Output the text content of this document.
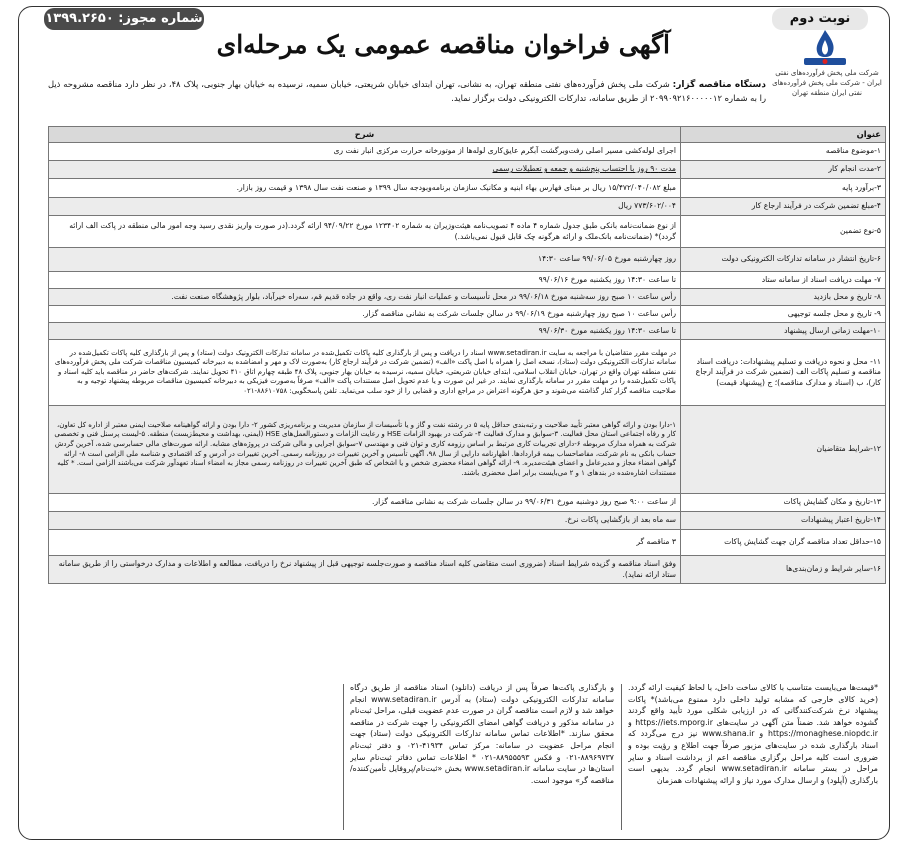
شماره مجوز: ۱۳۹۹.۲۶۵۰	نوبت دوم
آگهی فراخوان مناقصه عمومی یک مرحله‌ای
شرکت ملی پخش فرآورده‌های نفتی ایران - شرکت ملی پخش فرآورده‌های نفتی ایران منطقه تهران
دستگاه مناقصه گزار: شرکت ملی پخش فرآورده‌های نفتی منطقه تهران، به نشانی، تهران ابتدای خیابان شریعتی، خیابان سمیه، نرسیده به خیابان بهار جنوبی، پلاک ۴۸، در نظر دارد مناقصه مشروحه ذیل را به شماره ۲۰۹۹۰۹۲۱۶۰۰۰۰۰۱۲ از طریق سامانه، تدارکات الکترونیکی دولت برگزار نماید.
عنوان	شرح
۱-موضوع مناقصه	اجرای لوله‌کشی مسیر اصلی رفت‌وبرگشت آبگرم عایق‌کاری لوله‌ها از موتورخانه حرارت مرکزی انبار نفت ری
۲-مدت انجام کار	مدت ۹۰ روز با احتساب پنج‌شنبه و جمعه و تعطیلات رسمی
۳-برآورد پایه	مبلغ ۱۵/۴۷۲/۰۴۰/۰۸۲ ریال بر مبنای فهارس بهاء ابنیه و مکانیک سازمان برنامه‌وبودجه سال ۱۳۹۹ و صنعت نفت سال ۱۳۹۸ و قیمت روز بازار.
۴-مبلغ تضمین شرکت در فرآیند ارجاع کار	۷۷۳/۶۰۲/۰۰۴ ریال
۵-نوع تضمین	از نوع ضمانت‌نامه بانکی طبق جدول شماره ۴ ماده ۴ تصویب‌نامه هیئت‌وزیران به شماره ۱۲۳۴۰۲ مورخ ۹۴/۰۹/۲۲ ارائه گردد.(در صورت واریز نقدی رسید وجه امور مالی منطقه در پاکت الف ارائه گردد)* (ضمانت‌نامه بانک‌ملک و ارائه هرگونه چک قابل قبول نمی‌باشد.)
۶-تاریخ انتشار در سامانه تدارکات الکترونیکی دولت	روز چهارشنبه مورخ ۹۹/۰۶/۰۵ ساعت ۱۴:۳۰
۷- مهلت دریافت اسناد از سامانه ستاد	تا ساعت ۱۴:۳۰ روز یکشنبه مورخ ۹۹/۰۶/۱۶
۸- تاریخ و محل بازدید	رأس ساعت ۱۰ صبح روز سه‌شنبه مورخ ۹۹/۰۶/۱۸ در محل تأسیسات و عملیات انبار نفت ری، واقع در جاده قدیم قم، سه‌راه خیرآباد، بلوار پژوهشگاه صنعت نفت.
۹- تاریخ و محل جلسه توجیهی	رأس ساعت ۱۰ صبح روز چهارشنبه مورخ ۹۹/۰۶/۱۹ در سالن جلسات شرکت به نشانی مناقصه گزار.
۱۰-مهلت زمانی ارسال پیشنهاد	تا ساعت ۱۴:۳۰ روز یکشنبه مورخ ۹۹/۰۶/۳۰
۱۱- محل و نحوه دریافت و تسلیم پیشنهادات: دریافت اسناد مناقصه و تسلیم پاکات الف (تضمین شرکت در فرآیند ارجاع کار)، ب (اسناد و مدارک مناقصه)؛ ج (پیشنهاد قیمت)	در مهلت مقرر متقاضیان با مراجعه به سایت www.setadiran.ir اسناد را دریافت و پس از بارگذاری کلیه پاکات تکمیل‌شده در سامانه تدارکات الکترونیک دولت (ستاد) و پس از بارگذاری کلیه پاکات تکمیل‌شده در سامانه تدارکات الکترونیکی دولت (ستاد)، نسخه اصل را همراه با اصل پاکت «الف» (تضمین شرکت در فرآیند ارجاع کار) به‌صورت لاک و مهر و امضاشده به دبیرخانه کمیسیون مناقصات شرکت ملی پخش فرآورده‌های نفتی منطقه تهران واقع در تهران، خیابان انقلاب اسلامی، ابتدای خیابان شریعتی، خیابان سمیه، نرسیده به خیابان بهار جنوبی، پلاک ۴۸ طبقه چهارم اتاق ۴۱۰ تحویل نمایند. شرکت‌های حاضر در مناقصه باید کلیه اسناد و پاکات تکمیل‌شده را در مهلت مقرر در سامانه بارگذاری نمایند. در غیر این صورت و یا عدم تحویل اصل مستندات پاکت «الف» صرفاً به‌صورت فیزیکی به دبیرخانه کمیسیون مناقصات مربوطه پیشنهاد توجیه و به صلاحیت مناقصه گزار کنار گذاشته می‌شوند و حق هرگونه اعتراض در مراجع اداری و قضایی را از خود سلب می‌نماید. تلفن پاسخگویی: ۸۸۶۱۰۷۵۸-۰۲۱
۱۲-شرایط متقاضیان	۱-دارا بودن و ارائه گواهی معتبر تأیید صلاحیت و رتبه‌بندی حداقل پایه ۵ در رشته نفت و گاز و یا تأسیسات از سازمان مدیریت و برنامه‌ریزی کشور ۲- دارا بودن و ارائه گواهینامه صلاحیت ایمنی معتبر از اداره کل تعاون، کار و رفاه اجتماعی استان محل فعالیت. ۳-سوابق و مدارک فعالیت ۴- شرکت در بهبود الزامات HSE و رعایت الزامات و دستورالعمل‌های HSE (ایمنی، بهداشت و محیط‌زیست) منطقه. ۵-لیست پرسنل فنی و تخصصی شرکت به همراه مدارک مربوطه ۶-دارای تجربیات کاری مرتبط بر اساس رزومه کاری و توان فنی و مهندسی ۷-سوابق اجرایی و مالی شرکت در پروژه‌های مشابه. ارائه صورت‌های مالی حسابرسی شده، آخرین گردش حساب بانکی به نام شرکت، مفاصاحساب بیمه قراردادها. اظهارنامه دارایی از سال ۹۸، آگهی تأسیس و آخرین تغییرات در روزنامه رسمی. آخرین تغییرات در آدرس و کد اقتصادی و شناسه ملی الزامی است ۸- ارائه گواهی امضاء مجاز و مدیرعامل و اعضای هیئت‌مدیره. ۹- ارائه گواهی امضاء محضری شخص و یا اشخاص که طبق آخرین تغییرات در روزنامه رسمی مجاز به امضاء اسناد تعهدآور شرکت می‌باشند الزامی است. * کلیه مستندات اشاره‌شده در بندهای ۱ و ۲ می‌بایست برابر اصل محضری باشند.
۱۳-تاریخ و مکان گشایش پاکات	از ساعت ۹:۰۰ صبح روز دوشنبه مورخ ۹۹/۰۶/۳۱ در سالن جلسات شرکت به نشانی مناقصه گزار.
۱۴-تاریخ اعتبار پیشنهادات	سه ماه بعد از بازگشایی پاکات نرخ.
۱۵-حداقل تعداد مناقصه گران جهت گشایش پاکات	۳ مناقصه گر
۱۶-سایر شرایط و زمان‌بندی‌ها	وفق اسناد مناقصه و گزیده شرایط اسناد (ضروری است متقاضی کلیه اسناد مناقصه و صورت‌جلسه توجیهی قبل از پیشنهاد نرخ را دریافت، مطالعه و اطلاعات و مدارک درخواستی را از طریق سامانه ستاد ارائه نماید).
*قیمت‌ها می‌بایست متناسب با کالای ساخت داخل، با لحاظ کیفیت ارائه گردد.(خرید کالای خارجی که مشابه تولید داخلی دارد ممنوع می‌باشد)* پاکات پیشنهاد نرخ شرکت‌کنندگانی که در ارزیابی شکلی مورد تأیید واقع گردند گشوده خواهد شد. ضمناً متن آگهی در سایت‌های https://iets.mporg.ir و https://monaghese.niopdc.ir و www.shana.ir نیز درج می‌گردد که اسناد بارگذاری شده در سایت‌های مزبور صرفاً جهت اطلاع و رؤیت بوده و ضروری است کلیه مراحل برگزاری مناقصه اعم از برداشت اسناد و سایر مراحل در بستر سامانه www.setadiran.ir انجام گردد. بدیهی است بارگذاری (آپلود) و ارسال مدارک مورد نیاز و ارائه پیشنهادات همزمان
و بارگذاری پاکت‌ها صرفاً پس از دریافت (دانلود) اسناد مناقصه از طریق درگاه سامانه تدارکات الکترونیکی دولت (ستاد) به آدرس www.setadiran.ir انجام خواهد شد و لازم است مناقصه گران در صورت عدم عضویت قبلی، مراحل ثبت‌نام در سامانه مذکور و دریافت گواهی امضای الکترونیکی را جهت شرکت در مناقصه محقق سازند. *اطلاعات تماس سامانه تدارکات الکترونیکی دولت (ستاد) جهت انجام مراحل عضویت در سامانه: مرکز تماس ۴۱۹۳۴-۰۲۱ و دفتر ثبت‌نام ۸۸۹۶۹۷۳۷-۰۲۱ و فکس ۸۸۹۵۵۵۹۳-۰۲۱ * اطلاعات تماس دفاتر ثبت‌نام سایر استان‌ها در سایت سامانه www.setadiran.ir بخش «ثبت‌نام/پروفایل تأمین‌کننده/مناقصه گر» موجود است.
